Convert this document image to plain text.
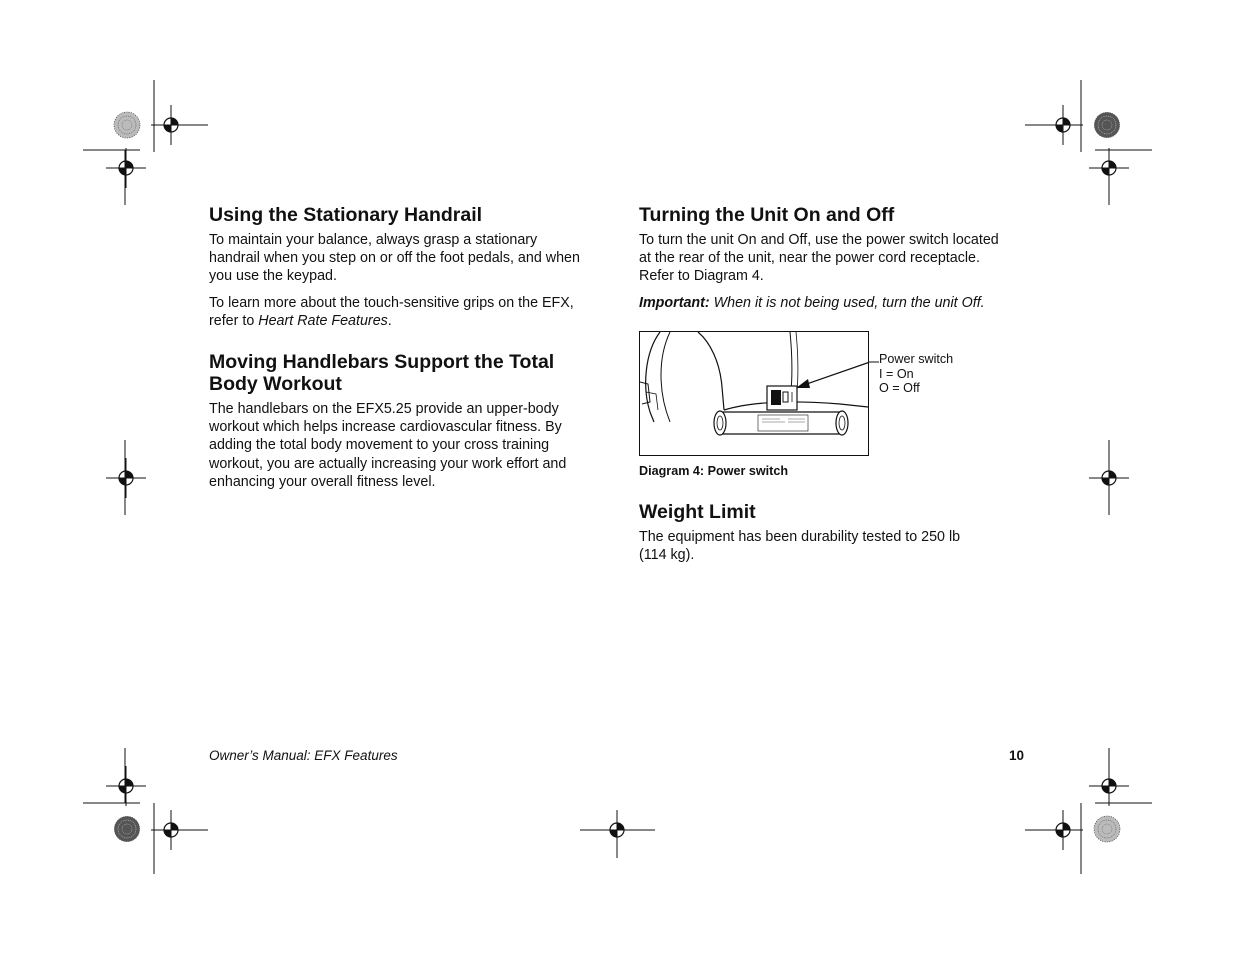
Using the Stationary Handrail

To maintain your balance, always grasp a stationary
handrail when you step on or off the foot pedals, and when
you use the keypad.

To learn more about the touch-sensitive grips on the EFX,
refer to Heart Rate Features.

Moving Handlebars Support the Total
Body Workout

The handlebars on the EFX5.25 provide an upper-body
workout which helps increase cardiovascular fitness. By
adding the total body movement to your cross training
workout, you are actually increasing your work effort and
enhancing your overall fitness level.

Turning the Unit On and Off

To turn the unit On and Off, use the power switch located
at the rear of the unit, near the power cord receptacle.
Refer to Diagram 4.

Important: When it is not being used, turn the unit Off.

Power switch
I = On
O = Off
Diagram 4: Power switch
Weight Limit

The equipment has been durability tested to 250 lb
(114 kg).

Owner’s Manual: EFX Features	10
